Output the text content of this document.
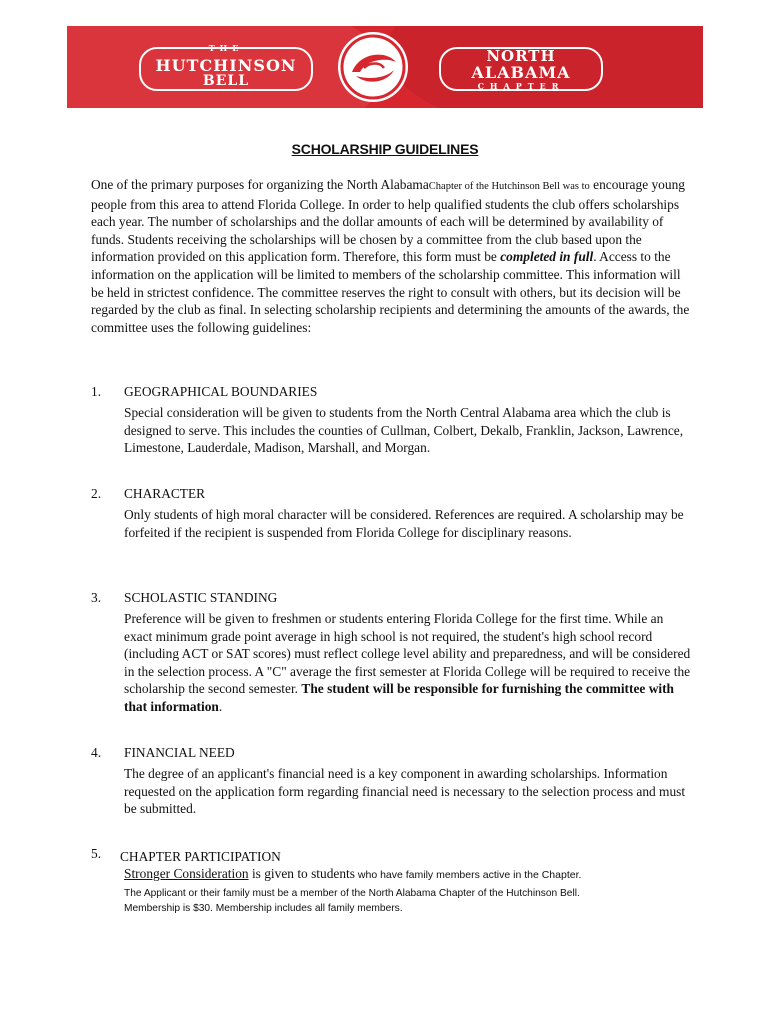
THE
HUTCHINSON
BELL
NORTH
ALABAMA
CHAPTER
SCHOLARSHIP GUIDELINES
One of the primary purposes for organizing the North AlabamaChapter of the Hutchinson Bell was to encourage young people from this area to attend Florida College. In order to help qualified students the club offers scholarships each year. The number of scholarships and the dollar amounts of each will be determined by availability of funds. Students receiving the scholarships will be chosen by a committee from the club based upon the information provided on this application form. Therefore, this form must be completed in full. Access to the information on the application will be limited to members of the scholarship committee. This information will be held in strictest confidence. The committee reserves the right to consult with others, but its decision will be regarded by the club as final. In selecting scholarship recipients and determining the amounts of the awards, the committee uses the following guidelines:
1. GEOGRAPHICAL BOUNDARIES
Special consideration will be given to students from the North Central Alabama area which the club is designed to serve. This includes the counties of Cullman, Colbert, Dekalb, Franklin, Jackson, Lawrence, Limestone, Lauderdale, Madison, Marshall, and Morgan.
2. CHARACTER
Only students of high moral character will be considered. References are required. A scholarship may be forfeited if the recipient is suspended from Florida College for disciplinary reasons.
3. SCHOLASTIC STANDING
Preference will be given to freshmen or students entering Florida College for the first time. While an exact minimum grade point average in high school is not required, the student's high school record (including ACT or SAT scores) must reflect college level ability and preparedness, and will be considered in the selection process. A "C" average the first semester at Florida College will be required to receive the scholarship the second semester. The student will be responsible for furnishing the committee with that information.
4. FINANCIAL NEED
The degree of an applicant's financial need is a key component in awarding scholarships. Information requested on the application form regarding financial need is necessary to the selection process and must be submitted.
5. CHAPTER PARTICIPATION
Stronger Consideration is given to students who have family members active in the Chapter.
The Applicant or their family must be a member of the North Alabama Chapter of the Hutchinson Bell.
Membership is $30. Membership includes all family members.
